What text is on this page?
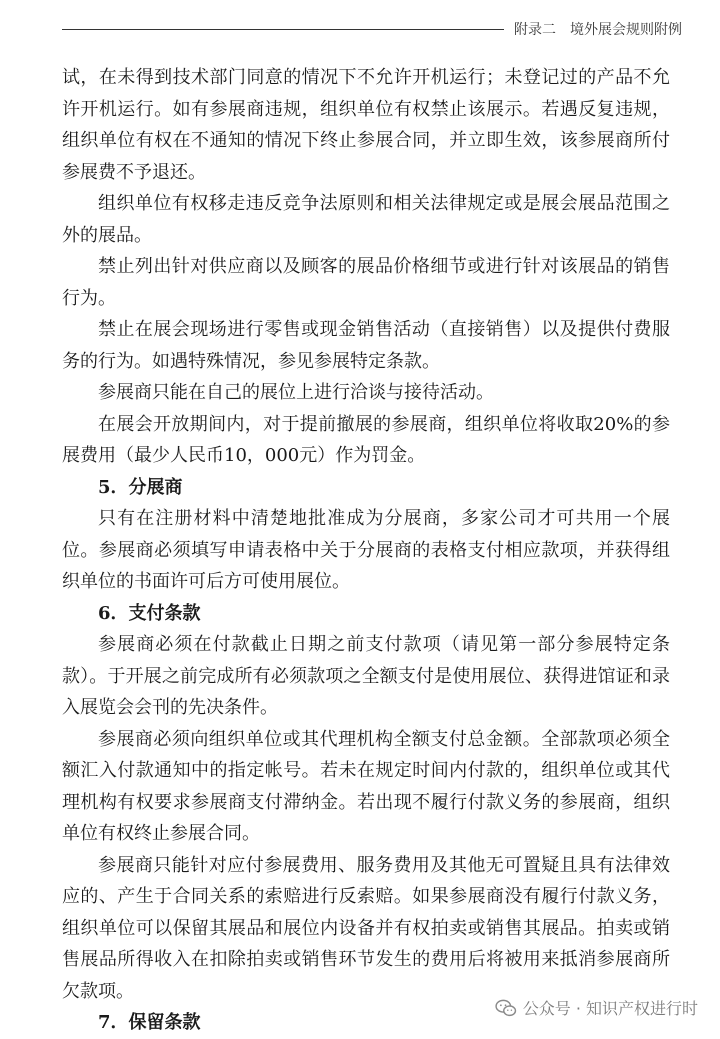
附录二　境外展会规则附例

试，在未得到技术部门同意的情况下不允许开机运行；未登记过的产品不允许开机运行。如有参展商违规，组织单位有权禁止该展示。若遇反复违规，组织单位有权在不通知的情况下终止参展合同，并立即生效，该参展商所付参展费不予退还。

组织单位有权移走违反竞争法原则和相关法律规定或是展会展品范围之外的展品。

禁止列出针对供应商以及顾客的展品价格细节或进行针对该展品的销售行为。

禁止在展会现场进行零售或现金销售活动（直接销售）以及提供付费服务的行为。如遇特殊情况，参见参展特定条款。

参展商只能在自己的展位上进行洽谈与接待活动。

在展会开放期间内，对于提前撤展的参展商，组织单位将收取20%的参展费用（最少人民币10，000元）作为罚金。

5．分展商

只有在注册材料中清楚地批准成为分展商，多家公司才可共用一个展位。参展商必须填写申请表格中关于分展商的表格支付相应款项，并获得组织单位的书面许可后方可使用展位。

6．支付条款

参展商必须在付款截止日期之前支付款项（请见第一部分参展特定条款）。于开展之前完成所有必须款项之全额支付是使用展位、获得进馆证和录入展览会会刊的先决条件。

参展商必须向组织单位或其代理机构全额支付总金额。全部款项必须全额汇入付款通知中的指定帐号。若未在规定时间内付款的，组织单位或其代理机构有权要求参展商支付滞纳金。若出现不履行付款义务的参展商，组织单位有权终止参展合同。

参展商只能针对应付参展费用、服务费用及其他无可置疑且具有法律效应的、产生于合同关系的索赔进行反索赔。如果参展商没有履行付款义务，组织单位可以保留其展品和展位内设备并有权拍卖或销售其展品。拍卖或销售展品所得收入在扣除拍卖或销售环节发生的费用后将被用来抵消参展商所欠款项。

7．保留条款

公众号 · 知识产权进行时
